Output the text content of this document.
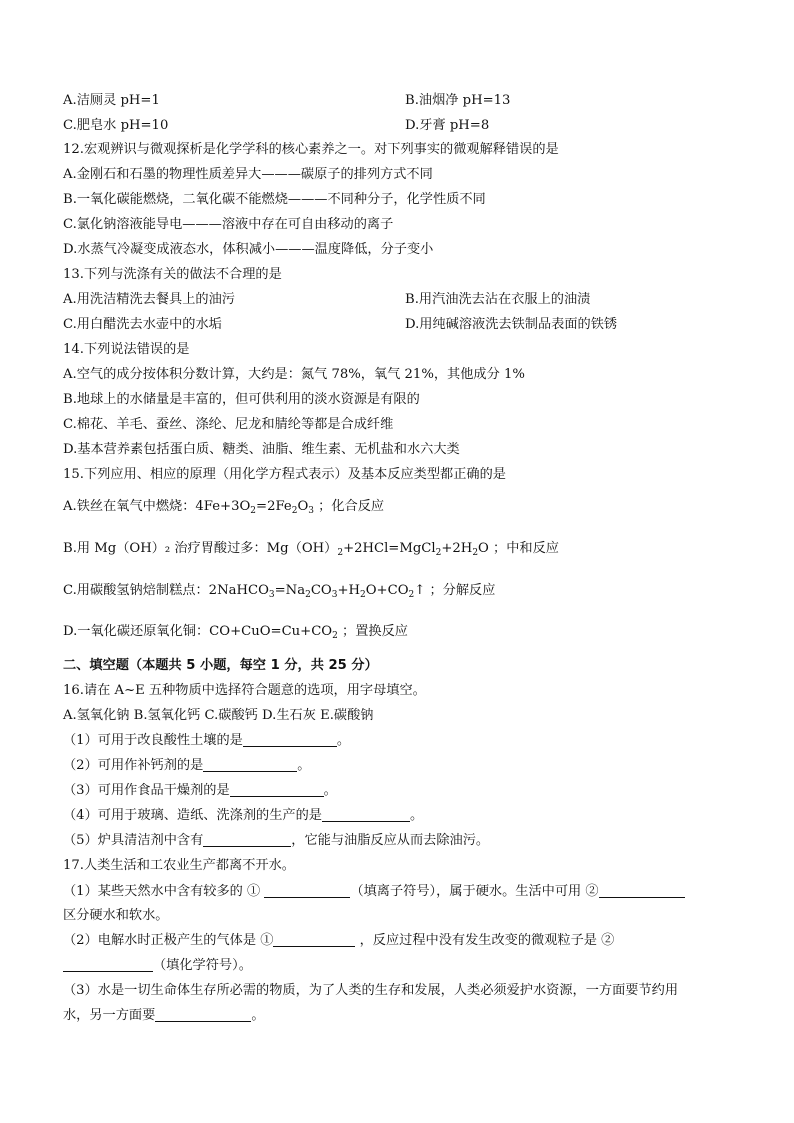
A.洁厕灵 pH=1	B.油烟净 pH=13
C.肥皂水 pH=10	D.牙膏 pH=8
12.宏观辨识与微观探析是化学学科的核心素养之一。对下列事实的微观解释错误的是
A.金刚石和石墨的物理性质差异大———碳原子的排列方式不同
B.一氧化碳能燃烧，二氧化碳不能燃烧———不同种分子，化学性质不同
C.氯化钠溶液能导电———溶液中存在可自由移动的离子
D.水蒸气冷凝变成液态水，体积减小———温度降低，分子变小
13.下列与洗涤有关的做法不合理的是
A.用洗洁精洗去餐具上的油污	B.用汽油洗去沾在衣服上的油渍
C.用白醋洗去水壶中的水垢	D.用纯碱溶液洗去铁制品表面的铁锈
14.下列说法错误的是
A.空气的成分按体积分数计算，大约是：氮气 78%，氧气 21%，其他成分 1%
B.地球上的水储量是丰富的，但可供利用的淡水资源是有限的
C.棉花、羊毛、蚕丝、涤纶、尼龙和腈纶等都是合成纤维
D.基本营养素包括蛋白质、糖类、油脂、维生素、无机盐和水六大类
15.下列应用、相应的原理（用化学方程式表示）及基本反应类型都正确的是
A.铁丝在氧气中燃烧：$4Fe+3O_2=2Fe_2O_3$ ；化合反应
B.用 Mg（OH）₂ 治疗胃酸过多：$Mg(OH)_2+2HCl=MgCl_2+2H_2O$ ；中和反应
C.用碳酸氢钠焙制糕点：$2NaHCO_3=Na_2CO_3+H_2O+CO_2↑$ ；分解反应
D.一氧化碳还原氧化铜：$CO+CuO=Cu+CO_2$ ；置换反应
二、填空题（本题共 5 小题，每空 1 分，共 25 分）
16.请在 A~E 五种物质中选择符合题意的选项，用字母填空。
A.氢氧化钠 B.氢氧化钙 C.碳酸钙 D.生石灰 E.碳酸钠
（1）可用于改良酸性土壤的是	。
（2）可用作补钙剂的是	。
（3）可用作食品干燥剂的是	。
（4）可用于玻璃、造纸、洗涤剂的生产的是	。
（5）炉具清洁剂中含有	，它能与油脂反应从而去除油污。
17.人类生活和工农业生产都离不开水。
（1）某些天然水中含有较多的 ①	（填离子符号），属于硬水。生活中可用 ②
区分硬水和软水。
（2）电解水时正极产生的气体是 ①	，反应过程中没有发生改变的微观粒子是 ②
（填化学符号）。
（3）水是一切生命体生存所必需的物质，为了人类的生存和发展，人类必须爱护水资源，一方面要节约用
水，另一方面要	。
